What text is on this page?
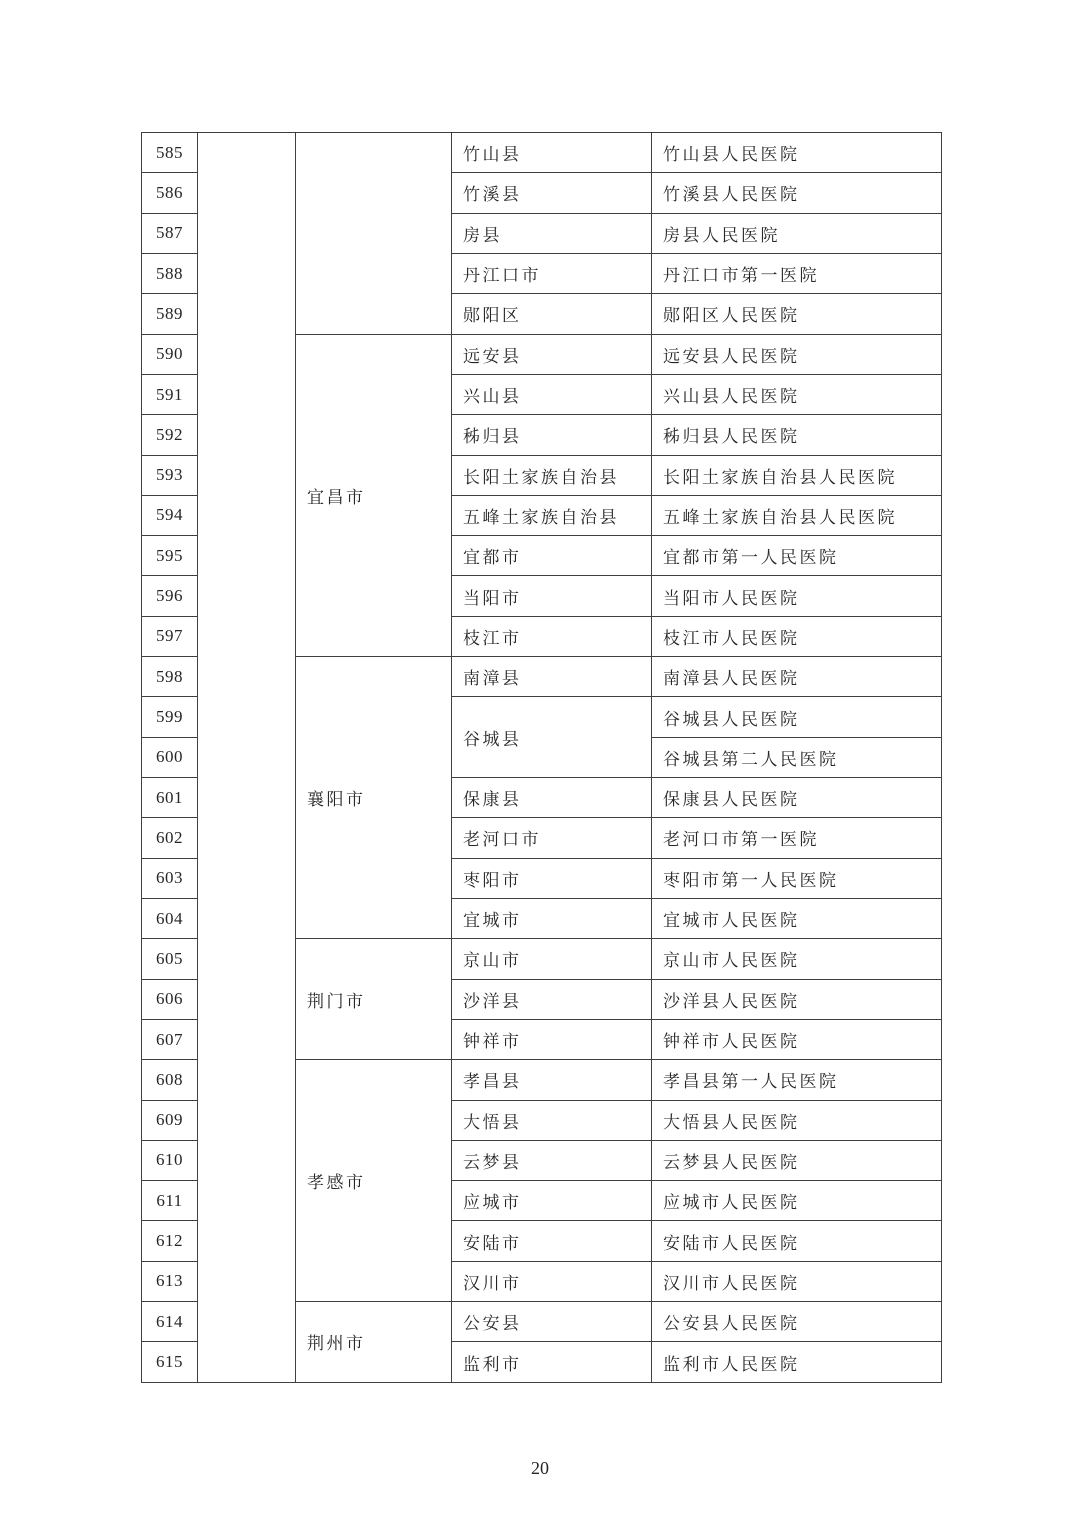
585			竹山县	竹山县人民医院
586			竹溪县	竹溪县人民医院
587			房县	房县人民医院
588			丹江口市	丹江口市第一医院
589			郧阳区	郧阳区人民医院
590		宜昌市	远安县	远安县人民医院
591			兴山县	兴山县人民医院
592			秭归县	秭归县人民医院
593			长阳土家族自治县	长阳土家族自治县人民医院
594			五峰土家族自治县	五峰土家族自治县人民医院
595			宜都市	宜都市第一人民医院
596			当阳市	当阳市人民医院
597			枝江市	枝江市人民医院
598		襄阳市	南漳县	南漳县人民医院
599			谷城县	谷城县人民医院
600				谷城县第二人民医院
601			保康县	保康县人民医院
602			老河口市	老河口市第一医院
603			枣阳市	枣阳市第一人民医院
604			宜城市	宜城市人民医院
605		荆门市	京山市	京山市人民医院
606			沙洋县	沙洋县人民医院
607			钟祥市	钟祥市人民医院
608		孝感市	孝昌县	孝昌县第一人民医院
609			大悟县	大悟县人民医院
610			云梦县	云梦县人民医院
611			应城市	应城市人民医院
612			安陆市	安陆市人民医院
613			汉川市	汉川市人民医院
614		荆州市	公安县	公安县人民医院
615			监利市	监利市人民医院
20
